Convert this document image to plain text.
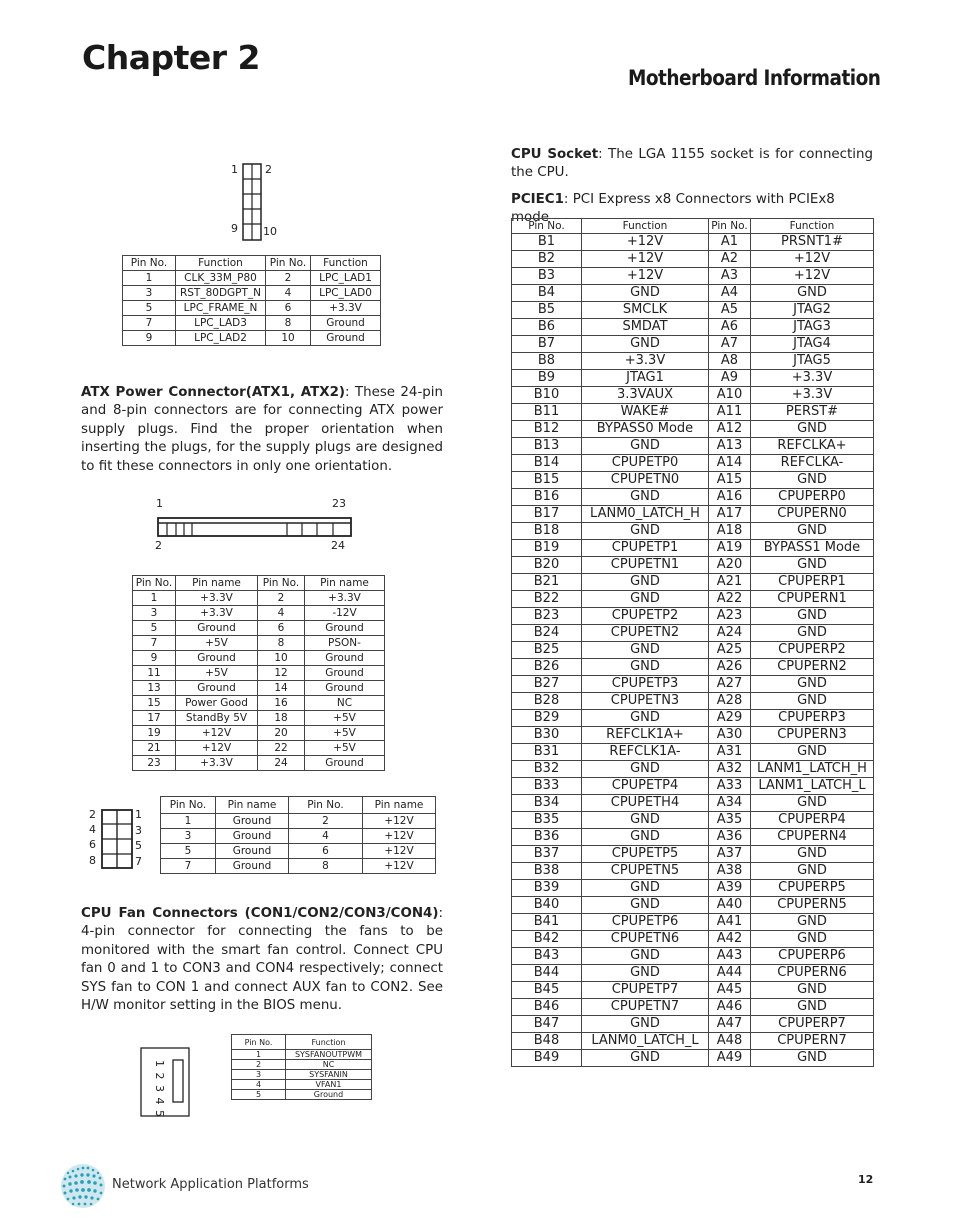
Chapter 2
Motherboard Information
1 2
9 10
Pin No.	Function	Pin No.	Function
1	CLK_33M_P80	2	LPC_LAD1
3	RST_80DGPT_N	4	LPC_LAD0
5	LPC_FRAME_N	6	+3.3V
7	LPC_LAD3	8	Ground
9	LPC_LAD2	10	Ground

ATX Power Connector(ATX1, ATX2): These 24-pin and 8-pin connectors are for connecting ATX power supply plugs. Find the proper orientation when inserting the plugs, for the supply plugs are designed to fit these connectors in only one orientation.

1	23
2	24
Pin No.	Pin name	Pin No.	Pin name
1	+3.3V	2	+3.3V
3	+3.3V	4	-12V
5	Ground	6	Ground
7	+5V	8	PSON-
9	Ground	10	Ground
11	+5V	12	Ground
13	Ground	14	Ground
15	Power Good	16	NC
17	StandBy 5V	18	+5V
19	+12V	20	+5V
21	+12V	22	+5V
23	+3.3V	24	Ground
2
4
6
8
1
3
5
7
Pin No.	Pin name	Pin No.	Pin name
1	Ground	2	+12V
3	Ground	4	+12V
5	Ground	6	+12V
7	Ground	8	+12V

CPU Fan Connectors (CON1/CON2/CON3/CON4): 4-pin connector for connecting the fans to be monitored with the smart fan control. Connect CPU fan 0 and 1 to CON3 and CON4 respectively; connect SYS fan to CON 1 and connect AUX fan to CON2. See H/W monitor setting in the BIOS menu.

1 2 3 4 5
Pin No.	Function
1	SYSFANOUTPWM
2	NC
3	SYSFANIN
4	VFAN1
5	Ground

CPU Socket: The LGA 1155 socket is for connecting the CPU.

PCIEC1: PCI Express x8 Connectors with PCIEx8 mode

Pin No.	Function	Pin No.	Function
B1	+12V	A1	PRSNT1#
B2	+12V	A2	+12V
B3	+12V	A3	+12V
B4	GND	A4	GND
B5	SMCLK	A5	JTAG2
B6	SMDAT	A6	JTAG3
B7	GND	A7	JTAG4
B8	+3.3V	A8	JTAG5
B9	JTAG1	A9	+3.3V
B10	3.3VAUX	A10	+3.3V
B11	WAKE#	A11	PERST#
B12	BYPASS0 Mode	A12	GND
B13	GND	A13	REFCLKA+
B14	CPUPETP0	A14	REFCLKA-
B15	CPUPETN0	A15	GND
B16	GND	A16	CPUPERP0
B17	LANM0_LATCH_H	A17	CPUPERN0
B18	GND	A18	GND
B19	CPUPETP1	A19	BYPASS1 Mode
B20	CPUPETN1	A20	GND
B21	GND	A21	CPUPERP1
B22	GND	A22	CPUPERN1
B23	CPUPETP2	A23	GND
B24	CPUPETN2	A24	GND
B25	GND	A25	CPUPERP2
B26	GND	A26	CPUPERN2
B27	CPUPETP3	A27	GND
B28	CPUPETN3	A28	GND
B29	GND	A29	CPUPERP3
B30	REFCLK1A+	A30	CPUPERN3
B31	REFCLK1A-	A31	GND
B32	GND	A32	LANM1_LATCH_H
B33	CPUPETP4	A33	LANM1_LATCH_L
B34	CPUPETH4	A34	GND
B35	GND	A35	CPUPERP4
B36	GND	A36	CPUPERN4
B37	CPUPETP5	A37	GND
B38	CPUPETN5	A38	GND
B39	GND	A39	CPUPERP5
B40	GND	A40	CPUPERN5
B41	CPUPETP6	A41	GND
B42	CPUPETN6	A42	GND
B43	GND	A43	CPUPERP6
B44	GND	A44	CPUPERN6
B45	CPUPETP7	A45	GND
B46	CPUPETN7	A46	GND
B47	GND	A47	CPUPERP7
B48	LANM0_LATCH_L	A48	CPUPERN7
B49	GND	A49	GND
Network Application Platforms	12
